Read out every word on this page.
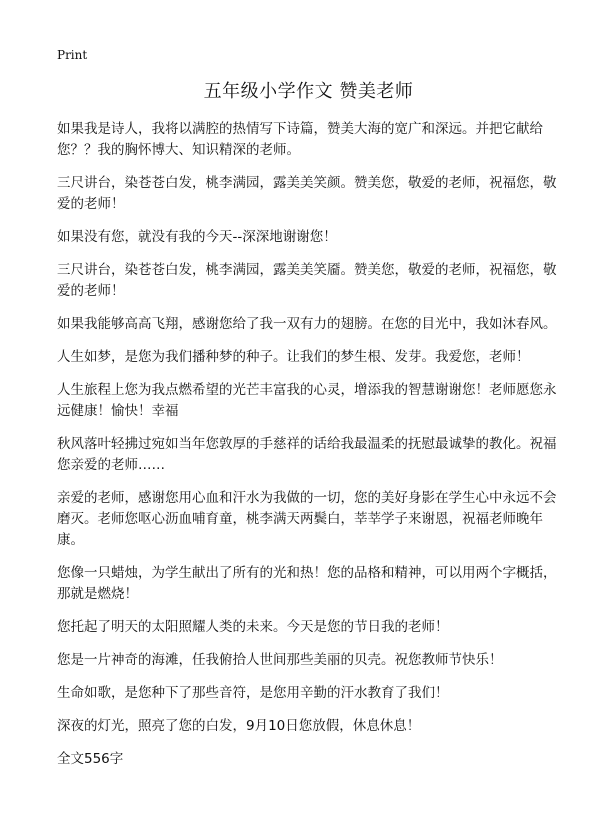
Print
五年级小学作文 赞美老师

如果我是诗人，我将以满腔的热情写下诗篇，赞美大海的宽广和深远。并把它献给您？？我的胸怀博大、知识精深的老师。

三尺讲台，染苍苍白发，桃李满园，露美美笑颜。赞美您，敬爱的老师，祝福您，敬爱的老师！

如果没有您，就没有我的今天--深深地谢谢您！

三尺讲台，染苍苍白发，桃李满园，露美美笑靥。赞美您，敬爱的老师，祝福您，敬爱的老师！

如果我能够高高飞翔，感谢您给了我一双有力的翅膀。在您的目光中，我如沐春风。

人生如梦，是您为我们播种梦的种子。让我们的梦生根、发芽。我爱您，老师！

人生旅程上您为我点燃希望的光芒丰富我的心灵，增添我的智慧谢谢您！老师愿您永远健康！愉快！幸福

秋风落叶轻拂过宛如当年您敦厚的手慈祥的话给我最温柔的抚慰最诚挚的教化。祝福您亲爱的老师……

亲爱的老师，感谢您用心血和汗水为我做的一切，您的美好身影在学生心中永远不会磨灭。老师您呕心沥血哺育童，桃李满天两鬓白，莘莘学子来谢恩，祝福老师晚年康。

您像一只蜡烛，为学生献出了所有的光和热！您的品格和精神，可以用两个字概括，那就是燃烧！

您托起了明天的太阳照耀人类的未来。今天是您的节日我的老师！

您是一片神奇的海滩，任我俯拾人世间那些美丽的贝壳。祝您教师节快乐！

生命如歌，是您种下了那些音符，是您用辛勤的汗水教育了我们！

深夜的灯光，照亮了您的白发，9月10日您放假，休息休息！

全文556字
